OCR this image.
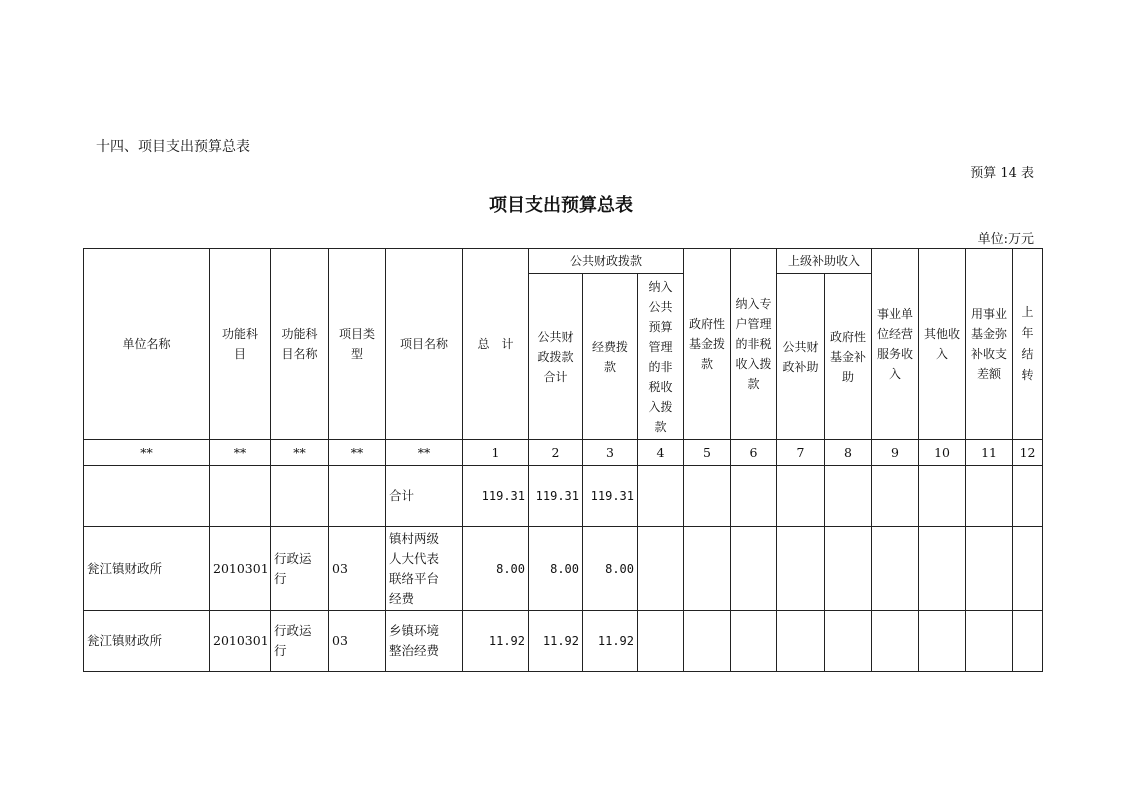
十四、项目支出预算总表
预算 14 表
项目支出预算总表
单位:万元
单位名称	功能科目	功能科目名称	项目类型	项目名称	总　计	公共财政拨款			政府性基金拨款	纳入专户管理的非税收入拨款	上级补助收入		事业单位经营服务收入	其他收入	用事业基金弥补收支差额	上年结转
						公共财政拨款合计	经费拨款	纳入公共预算管理的非税收入拨款			公共财政补助	政府性基金补助				
**	**	**	**	**	1	2	3	4	5	6	7	8	9	10	11	12
				合计	119.31	119.31	119.31									
瓮江镇财政所	2010301	行政运行	03	镇村两级人大代表联络平台经费	8.00	8.00	8.00									
瓮江镇财政所	2010301	行政运行	03	乡镇环境整治经费	11.92	11.92	11.92									
